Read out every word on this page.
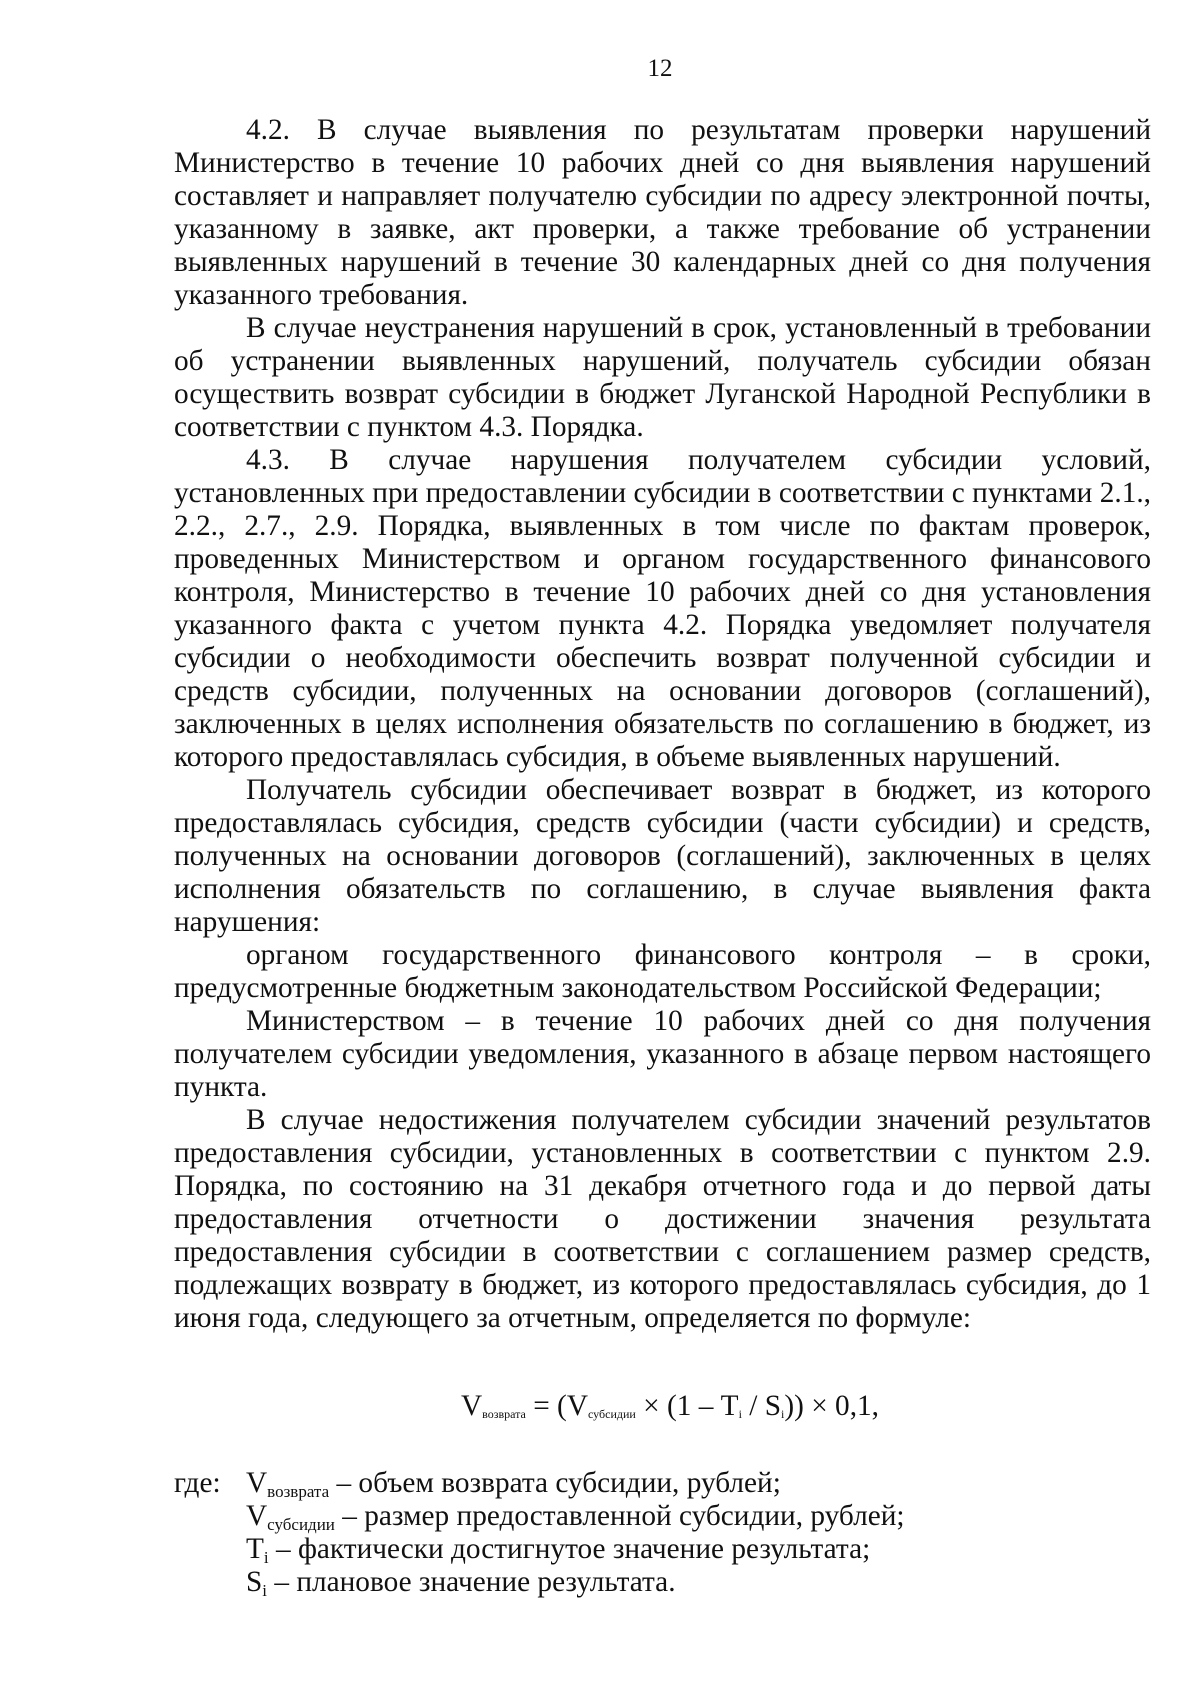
12

4.2. В случае выявления по результатам проверки нарушений Министерство в течение 10 рабочих дней со дня выявления нарушений составляет и направляет получателю субсидии по адресу электронной почты, указанному в заявке, акт проверки, а также требование об устранении выявленных нарушений в течение 30 календарных дней со дня получения указанного требования.

В случае неустранения нарушений в срок, установленный в требовании об устранении выявленных нарушений, получатель субсидии обязан осуществить возврат субсидии в бюджет Луганской Народной Республики в соответствии с пунктом 4.3. Порядка.

4.3. В случае нарушения получателем субсидии условий, установленных при предоставлении субсидии в соответствии с пунктами 2.1., 2.2., 2.7., 2.9. Порядка, выявленных в том числе по фактам проверок, проведенных Министерством и органом государственного финансового контроля, Министерство в течение 10 рабочих дней со дня установления указанного факта с учетом пункта 4.2. Порядка уведомляет получателя субсидии о необходимости обеспечить возврат полученной субсидии и средств субсидии, полученных на основании договоров (соглашений), заключенных в целях исполнения обязательств по соглашению в бюджет, из которого предоставлялась субсидия, в объеме выявленных нарушений.

Получатель субсидии обеспечивает возврат в бюджет, из которого предоставлялась субсидия, средств субсидии (части субсидии) и средств, полученных на основании договоров (соглашений), заключенных в целях исполнения обязательств по соглашению, в случае выявления факта нарушения:

органом государственного финансового контроля – в сроки, предусмотренные бюджетным законодательством Российской Федерации;

Министерством – в течение 10 рабочих дней со дня получения получателем субсидии уведомления, указанного в абзаце первом настоящего пункта.

В случае недостижения получателем субсидии значений результатов предоставления субсидии, установленных в соответствии с пунктом 2.9. Порядка, по состоянию на 31 декабря отчетного года и до первой даты предоставления отчетности о достижении значения результата предоставления субсидии в соответствии с соглашением размер средств, подлежащих возврату в бюджет, из которого предоставлялась субсидия, до 1 июня года, следующего за отчетным, определяется по формуле:

Vвозврата = (Vсубсидии × (1 – Ti / Si)) × 0,1,
где: $V_{возврата}$ – объем возврата субсидии, рублей;
$V_{субсидии}$ – размер предоставленной субсидии, рублей;
$T_i$ – фактически достигнутое значение результата;
$S_i$ – плановое значение результата.
